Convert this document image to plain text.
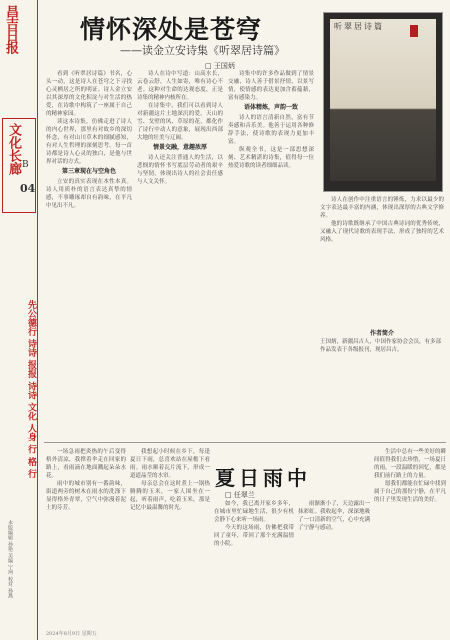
昌吉日报
文化长廊 B
04
先公德行 诗诗 报报 诗诗 文化 人身 行 格 行
本版编辑 孙艳 美编 宁珂 校对 孙燕
情怀深处是苍穹
——读金立安诗集《听翠居诗篇》
□ 王国炳

看到《听翠居诗篇》书名，心头一动，这是诗人在苍穹之下寻找心灵栖居之所的明证。诗人金立安以其深厚的文化积淀与对生活的热爱，在诗歌中构筑了一座属于自己的精神家园。

读这本诗集，仿佛走进了诗人的内心世界，那里有对故乡的深切怀念，有对山川草木的细腻感知，有对人生哲理的深刻思考。每一首诗都是诗人心灵的独白，是他与世界对话的方式。

第三章现在与空角色

立安的真实表现在本性本真。诗人用质朴的语言表达真挚的情感，不事雕琢却自有韵味，在平凡中见出不凡。

诗人在诗中写道：山高水长，云卷云舒，人生如寄，唯有诗心不老。这种对生命的达观态度，正是诗集的精神内核所在。

在诗集中，我们可以看到诗人对新疆这片土地深沉的爱。天山的雪、戈壁的风、草原的花，都化作了诗行中动人的意象，展现出西部大地的壮美与辽阔。

情景交融，意趣浓厚

诗人还关注普通人的生活，以悲悯的情怀书写底层劳动者的艰辛与坚韧，体现出诗人的社会责任感与人文关怀。

诗集中的许多作品做到了情景交融，诗人善于借景抒情，以景写情，使情感的表达更加含蓄蕴藉，富有感染力。

语体精炼，声韵一致

诗人的语言清新自然，富有节奏感和音乐美。他善于运用各种修辞手法，使诗歌的表现力更加丰富。

纵观全书，这是一部思想深刻、艺术精湛的诗集，值得每一位热爱诗歌的读者细细品读。

听翠居诗篇

诗人在创作中注重语言的锤炼，力求以最少的文字表达最丰富的内涵，体现出深厚的古典文学修养。

他的诗歌既继承了中国古典诗词的优秀传统，又融入了现代诗歌的表现手法，形成了独特的艺术风格。

作者简介
王国炳，新疆昌吉人，中国作家协会会员，有多部作品发表于各级报刊，现居昌吉。
夏日雨中
□ 任翠兰

一场急雨把炎热的午后变得格外清凉，我撑着伞走在回家的路上，看雨滴在地面溅起朵朵水花。

雨中的城市别有一番韵味，街道两旁的树木在雨水的洗涤下显得格外青翠，空气中弥漫着泥土的芬芳。

我想起小时候在乡下，每逢夏日下雨，总喜欢站在屋檐下看雨。雨水顺着瓦片流下，形成一道道晶莹的水帘。

母亲总会在这时煮上一锅热腾腾的玉米，一家人围坐在一起，听着雨声，吃着玉米，那是记忆中最温馨的时光。

如今，我已离开家乡多年，在城市里忙碌地生活，很少有机会静下心来听一场雨。

今天的这场雨，仿佛把我带回了童年，带回了那个充满温情的小院。

雨渐渐小了，天边露出一抹彩虹。我收起伞，深深地吸了一口清新的空气，心中充满了宁静与感动。

生活中总有一些美好的瞬间值得我们去珍惜，一场夏日的雨，一段温暖的回忆，都是我们前行路上的力量。

愿我们都能在忙碌中找到属于自己的那份宁静，在平凡的日子里发现生活的美好。

2024年8月9日 星期五
